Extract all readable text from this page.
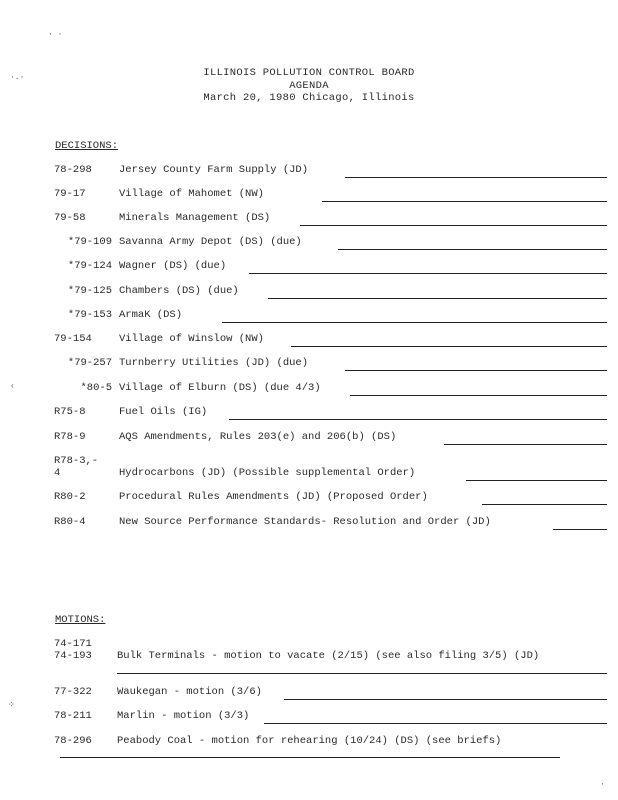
ILLINOIS POLLUTION CONTROL BOARD
AGENDA
March 20, 1980 Chicago, Illinois
· ·
·.·
‹
⁘
·
DECISIONS:
78-298	Jersey County Farm Supply (JD)
79-17	Village of Mahomet (NW)
79-58	Minerals Management (DS)
*79-109 Savanna Army Depot (DS) (due)
*79-124 Wagner (DS) (due)
*79-125 Chambers (DS) (due)
*79-153 ArmaK (DS)
79-154	Village of Winslow (NW)
*79-257 Turnberry Utilities (JD) (due)
*80-5 Village of Elburn (DS) (due 4/3)
R75-8	Fuel Oils (IG)
R78-9	AQS Amendments, Rules 203(e) and 206(b) (DS)
R78-3,-
4	Hydrocarbons (JD) (Possible supplemental Order)
R80-2	Procedural Rules Amendments (JD) (Proposed Order)
R80-4	New Source Performance Standards- Resolution and Order (JD)
MOTIONS:
74-171
74-193	Bulk Terminals - motion to vacate (2/15) (see also filing 3/5) (JD)
77-322	Waukegan - motion (3/6)
78-211	Marlin - motion (3/3)
78-296	Peabody Coal - motion for rehearing (10/24) (DS) (see briefs)
